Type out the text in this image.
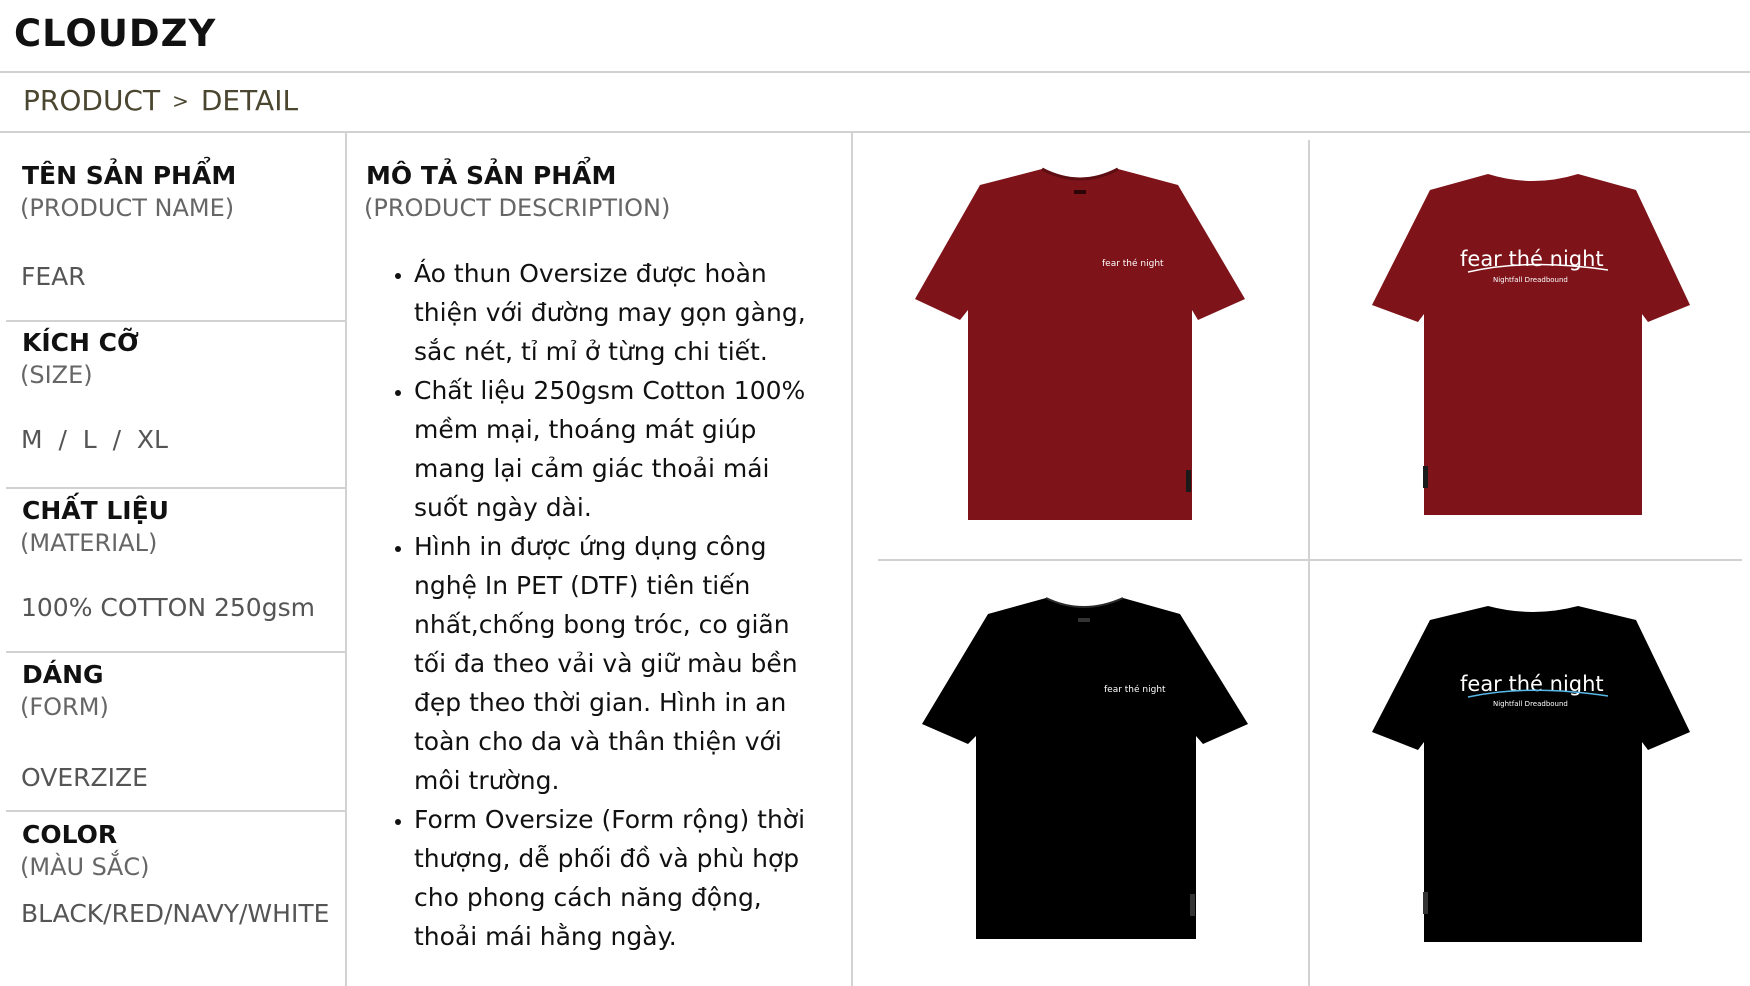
CLOUDZY
PRODUCT > DETAIL
TÊN SẢN PHẨM
(PRODUCT NAME)
FEAR
KÍCH CỠ
(SIZE)
M  /  L  /  XL
CHẤT LIỆU
(MATERIAL)
100% COTTON 250gsm
DÁNG
(FORM)
OVERZIZE
COLOR
(MÀU SẮC)
BLACK/RED/NAVY/WHITE
MÔ TẢ SẢN PHẨM
(PRODUCT DESCRIPTION)
• Áo thun Oversize được hoàn thiện với đường may gọn gàng, sắc nét, tỉ mỉ ở từng chi tiết.
• Chất liệu 250gsm Cotton 100% mềm mại, thoáng mát giúp mang lại cảm giác thoải mái suốt ngày dài.
• Hình in được ứng dụng công nghệ In PET (DTF) tiên tiến nhất,chống bong tróc, co giãn tối đa theo vải và giữ màu bền đẹp theo thời gian. Hình in an toàn cho da và thân thiện với môi trường.
• Form Oversize (Form rộng) thời thượng, dễ phối đồ và phù hợp cho phong cách năng động, thoải mái hằng ngày.
fear thé night	fear thé night
Nightfall Dreadbound
fear thé night	fear thé night
Nightfall Dreadbound
